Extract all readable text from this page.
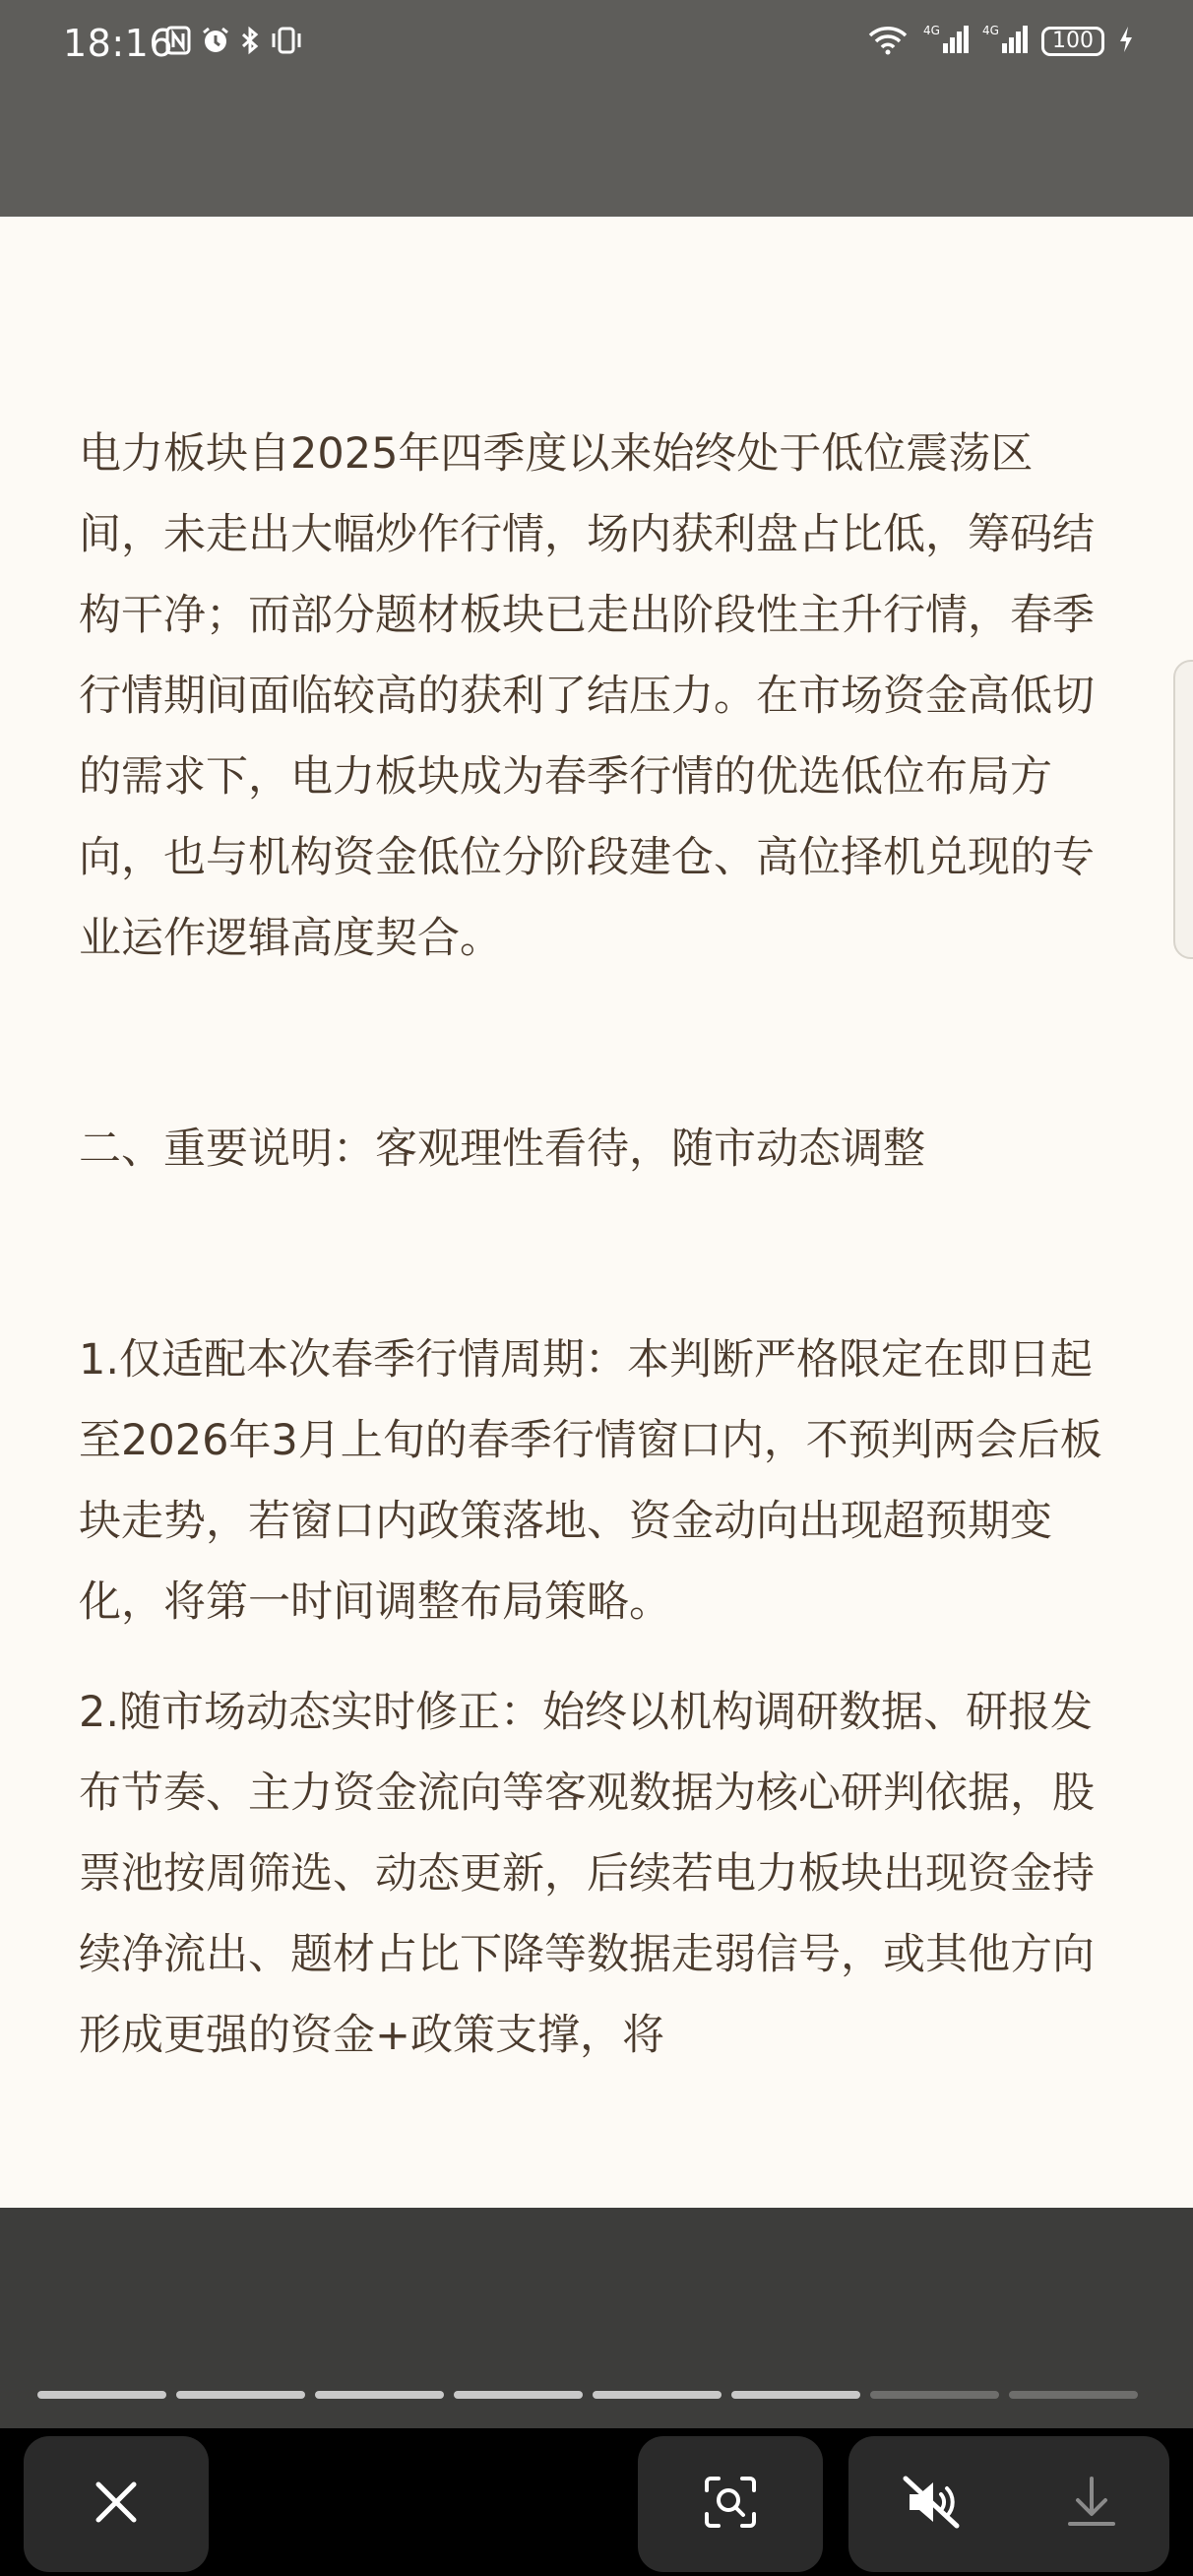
18:16	4G	4G	100

电力板块自2025年四季度以来始终处于低位震荡区间，未走出大幅炒作行情，场内获利盘占比低，筹码结构干净；而部分题材板块已走出阶段性主升行情，春季行情期间面临较高的获利了结压力。在市场资金高低切的需求下，电力板块成为春季行情的优选低位布局方向，也与机构资金低位分阶段建仓、高位择机兑现的专业运作逻辑高度契合。

二、重要说明：客观理性看待，随市动态调整

1.仅适配本次春季行情周期：本判断严格限定在即日起至2026年3月上旬的春季行情窗口内，不预判两会后板块走势，若窗口内政策落地、资金动向出现超预期变化，将第一时间调整布局策略。

2.随市场动态实时修正：始终以机构调研数据、研报发布节奏、主力资金流向等客观数据为核心研判依据，股票池按周筛选、动态更新，后续若电力板块出现资金持续净流出、题材占比下降等数据走弱信号，或其他方向形成更强的资金+政策支撑，将
